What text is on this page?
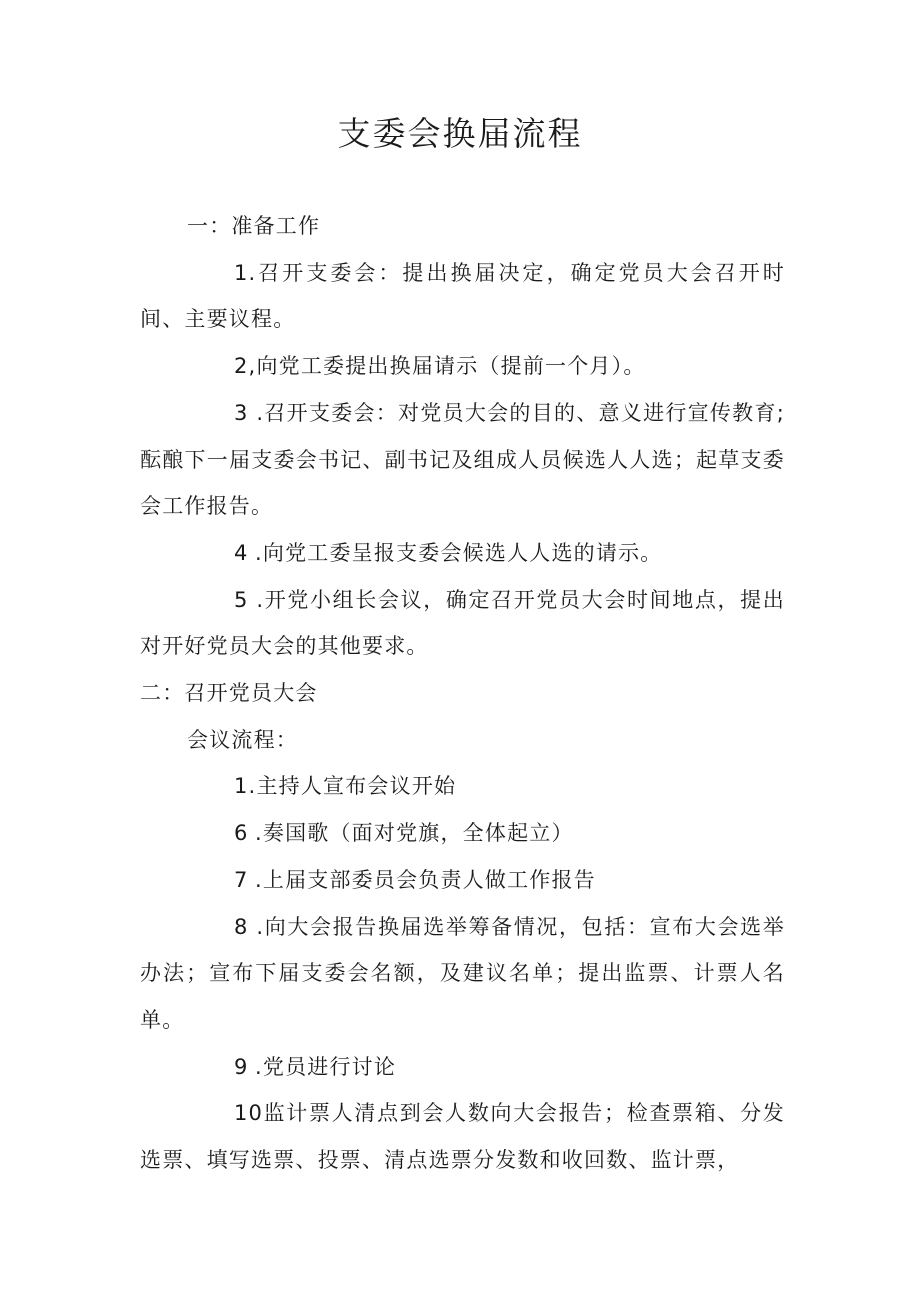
支委会换届流程

一：准备工作

1.召开支委会：提出换届决定，确定党员大会召开时间、主要议程。

2,向党工委提出换届请示（提前一个月）。

3 .召开支委会：对党员大会的目的、意义进行宣传教育;酝酿下一届支委会书记、副书记及组成人员候选人人选；起草支委会工作报告。

4 .向党工委呈报支委会候选人人选的请示。

5 .开党小组长会议，确定召开党员大会时间地点，提出对开好党员大会的其他要求。

二：召开党员大会

会议流程：

1.主持人宣布会议开始

6 .奏国歌（面对党旗，全体起立）

7 .上届支部委员会负责人做工作报告

8 .向大会报告换届选举筹备情况，包括：宣布大会选举办法；宣布下届支委会名额，及建议名单；提出监票、计票人名单。

9 .党员进行讨论

10监计票人清点到会人数向大会报告；检查票箱、分发选票、填写选票、投票、清点选票分发数和收回数、监计票，
